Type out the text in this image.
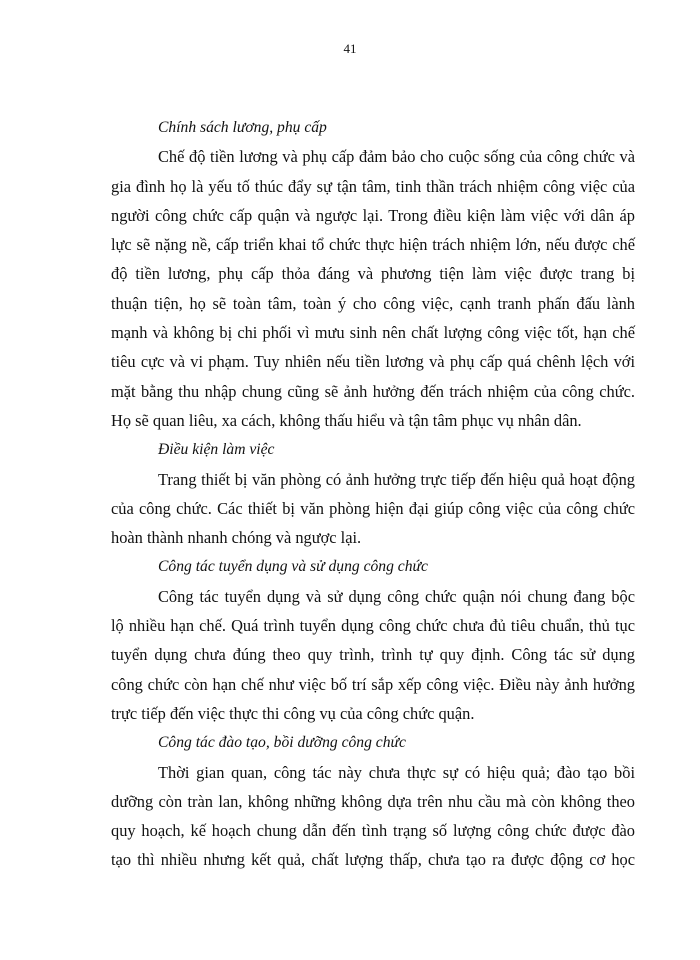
41

Chính sách lương, phụ cấp

Chế độ tiền lương và phụ cấp đảm bảo cho cuộc sống của công chức và
gia đình họ là yếu tố thúc đẩy sự tận tâm, tinh thần trách nhiệm công việc của
người công chức cấp quận và ngược lại. Trong điều kiện làm việc với dân áp
lực sẽ nặng nề, cấp triển khai tổ chức thực hiện trách nhiệm lớn, nếu được chế
độ tiền lương, phụ cấp thỏa đáng và phương tiện làm việc được trang bị
thuận tiện, họ sẽ toàn tâm, toàn ý cho công việc, cạnh tranh phấn đấu lành
mạnh và không bị chi phối vì mưu sinh nên chất lượng công việc tốt, hạn chế
tiêu cực và vi phạm. Tuy nhiên nếu tiền lương và phụ cấp quá chênh lệch với
mặt bằng thu nhập chung cũng sẽ ảnh hưởng đến trách nhiệm của công chức.
Họ sẽ quan liêu, xa cách, không thấu hiểu và tận tâm phục vụ nhân dân.

Điều kiện làm việc

Trang thiết bị văn phòng có ảnh hưởng trực tiếp đến hiệu quả hoạt động
của công chức. Các thiết bị văn phòng hiện đại giúp công việc của công chức
hoàn thành nhanh chóng và ngược lại.

Công tác tuyển dụng và sử dụng công chức

Công tác tuyển dụng và sử dụng công chức quận nói chung đang bộc
lộ nhiều hạn chế. Quá trình tuyển dụng công chức chưa đủ tiêu chuẩn, thủ tục
tuyển dụng chưa đúng theo quy trình, trình tự quy định. Công tác sử dụng
công chức còn hạn chế như việc bố trí sắp xếp công việc. Điều này ảnh hưởng
trực tiếp đến việc thực thi công vụ của công chức quận.

Công tác đào tạo, bồi dưỡng công chức

Thời gian quan, công tác này chưa thực sự có hiệu quả; đào tạo bồi
dưỡng còn tràn lan, không những không dựa trên nhu cầu mà còn không theo
quy hoạch, kế hoạch chung dẫn đến tình trạng số lượng công chức được đào
tạo thì nhiều nhưng kết quả, chất lượng thấp, chưa tạo ra được động cơ học
